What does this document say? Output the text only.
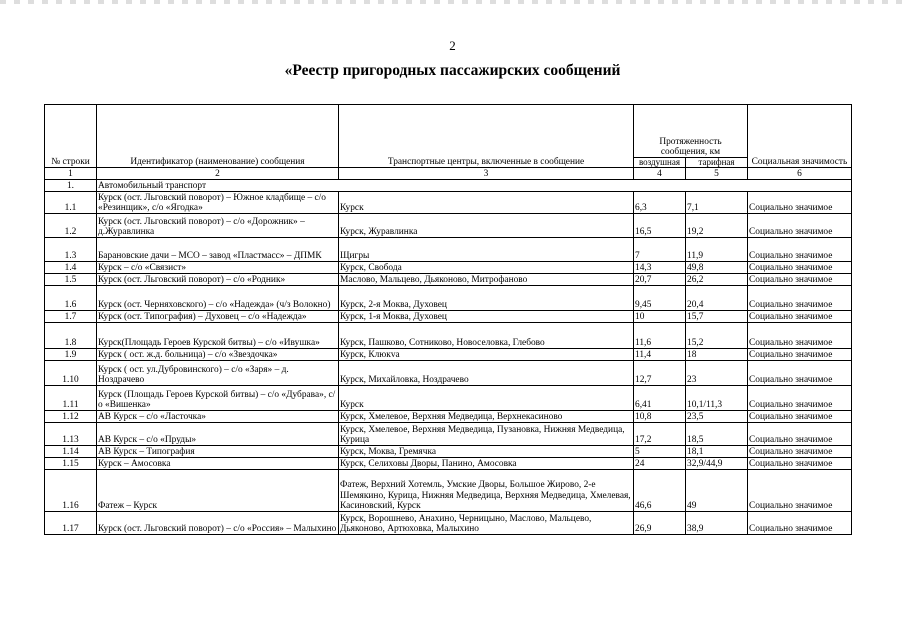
2
«Реестр пригородных пассажирских сообщений
№ строки	Идентификатор (наименование) сообщения	Транспортные центры, включенные в сообщение	Протяженность сообщения, км		Социальная значимость
			воздушная	тарифная	
1	2	3	4	5	6
1.	Автомобильный транспорт				
1.1	Курск (ост. Льговский поворот) – Южное кладбище – с/о «Резинщик», с/о «Ягодка»	Курск	6,3	7,1	Социально значимое
1.2	Курск (ост. Льговский поворот) – с/о «Дорожник» – д.Журавлинка	Курск, Журавлинка	16,5	19,2	Социально значимое
1.3	Барановские дачи – МСО – завод «Пластмасс» – ДПМК	Щигры	7	11,9	Социально значимое
1.4	Курск – с/о «Связист»	Курск, Свобода	14,3	49,8	Социально значимое
1.5	Курск (ост. Льговский поворот) – с/о «Родник»	Маслово, Мальцево, Дьяконово, Митрофаново	20,7	26,2	Социально значимое
1.6	Курск (ост. Черняховского) – с/о «Надежда» (ч/з Волокно)	Курск, 2-я Моква, Духовец	9,45	20,4	Социально значимое
1.7	Курск (ост. Типография) – Духовец – с/о «Надежда»	Курск, 1-я Моква, Духовец	10	15,7	Социально значимое
1.8	Курск(Площадь Героев Курской битвы) – с/о «Ивушка»	Курск, Пашково, Сотниково, Новоселовка, Глебово	11,6	15,2	Социально значимое
1.9	Курск ( ост. ж.д. больница) – с/о «Звездочка»	Курск, Клюкva	11,4	18	Социально значимое
1.10	Курск ( ост. ул.Дубровинского) – с/о «Заря» – д. Ноздрачево	Курск, Михайловка, Ноздрачево	12,7	23	Социально значимое
1.11	Курск (Площадь Героев Курской битвы) – с/о «Дубрава», с/о «Вишенка»	Курск	6,41	10,1/11,3	Социально значимое
1.12	АВ Курск – с/о «Ласточка»	Курск, Хмелевое, Верхняя Медведица, Верхнекасиново	10,8	23,5	Социально значимое
1.13	АВ Курск – с/о «Пруды»	Курск, Хмелевое, Верхняя Медведица, Пузановка, Нижняя Медведица, Курица	17,2	18,5	Социально значимое
1.14	АВ Курск – Типография	Курск, Моква, Гремячка	5	18,1	Социально значимое
1.15	Курск – Амосовка	Курск, Селиховы Дворы, Панино, Амосовка	24	32,9/44,9	Социально значимое
1.16	Фатеж – Курск	Фатеж, Верхний Хотемль, Умские Дворы, Большое Жирово, 2-е Шемякино, Курица, Нижняя Медведица, Верхняя Медведица, Хмелевая, Касиновский, Курск	46,6	49	Социально значимое
1.17	Курск (ост. Льговский поворот) – с/о «Россия» – Малыхино	Курск, Ворошнево, Анахино, Черницыно, Маслово, Мальцево, Дьяконово, Артюховка, Малыхино	26,9	38,9	Социально значимое
